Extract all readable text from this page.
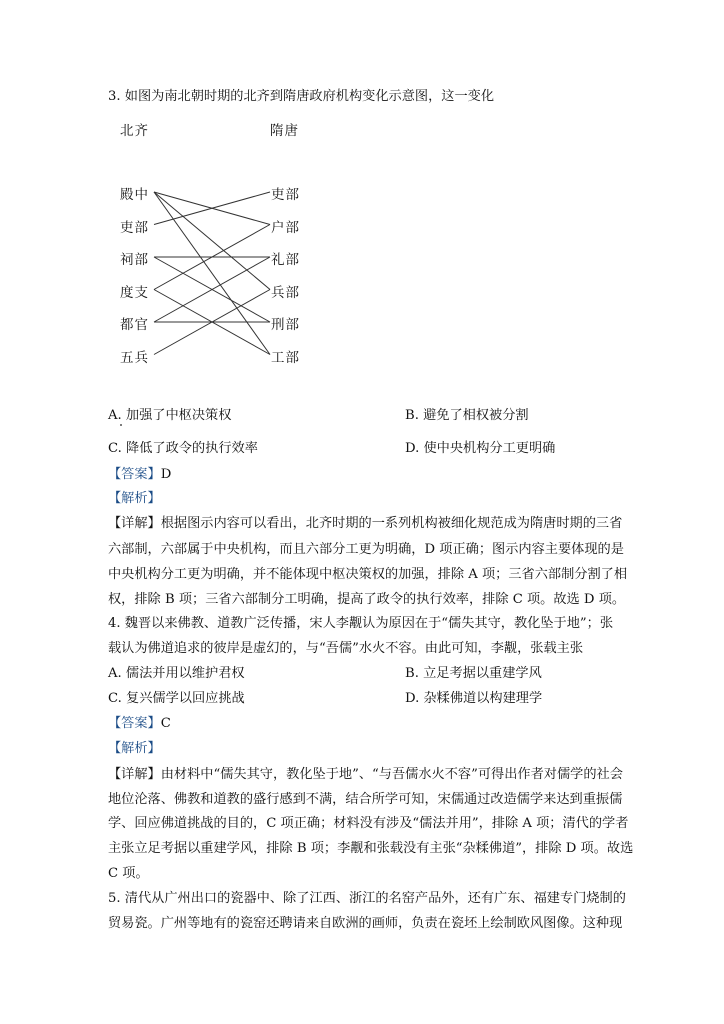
3. 如图为南北朝时期的北齐到隋唐政府机构变化示意图，这一变化
北齐	隋唐
殿中
吏部
祠部
度支
都官
五兵
吏部
户部
礼部
兵部
刑部
工部
A. 加强了中枢决策权	B. 避免了相权被分割
C. 降低了政令的执行效率	D. 使中央机构分工更明确
【答案】D
【解析】
【详解】根据图示内容可以看出，北齐时期的一系列机构被细化规范成为隋唐时期的三省
六部制，六部属于中央机构，而且六部分工更为明确，D 项正确；图示内容主要体现的是
中央机构分工更为明确，并不能体现中枢决策权的加强，排除 A 项；三省六部制分割了相
权，排除 B 项；三省六部制分工明确，提高了政令的执行效率，排除 C 项。故选 D 项。
4. 魏晋以来佛教、道教广泛传播，宋人李觏认为原因在于“儒失其守，教化坠于地”；张
载认为佛道追求的彼岸是虚幻的，与“吾儒”水火不容。由此可知，李觏，张载主张
A. 儒法并用以维护君权	B. 立足考据以重建学风
C. 复兴儒学以回应挑战	D. 杂糅佛道以构建理学
【答案】C
【解析】
【详解】由材料中“儒失其守，教化坠于地”、“与吾儒水火不容”可得出作者对儒学的社会
地位沦落、佛教和道教的盛行感到不满，结合所学可知，宋儒通过改造儒学来达到重振儒
学、回应佛道挑战的目的，C 项正确；材料没有涉及“儒法并用”，排除 A 项；清代的学者
主张立足考据以重建学风，排除 B 项；李觏和张载没有主张“杂糅佛道”，排除 D 项。故选
C 项。
5. 清代从广州出口的瓷器中、除了江西、浙江的名窑产品外，还有广东、福建专门烧制的
贸易瓷。广州等地有的瓷窑还聘请来自欧洲的画师，负责在瓷坯上绘制欧风图像。这种现
